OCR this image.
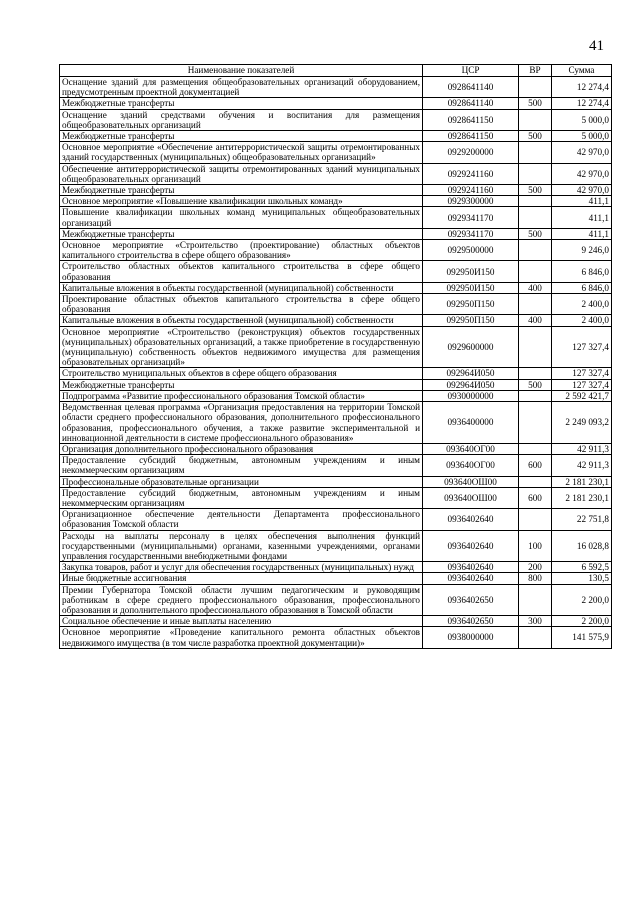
41
Наименование показателей	ЦСР	ВР	Сумма
Оснащение зданий для размещения общеобразовательных организаций оборудованием, предусмотренным проектной документацией	0928641140		12 274,4
Межбюджетные трансферты	0928641140	500	12 274,4
Оснащение зданий средствами обучения и воспитания для размещения общеобразовательных организаций	0928641150		5 000,0
Межбюджетные трансферты	0928641150	500	5 000,0
Основное мероприятие «Обеспечение антитеррористической защиты отремонтированных зданий государственных (муниципальных) общеобразовательных организаций»	0929200000		42 970,0
Обеспечение антитеррористической защиты отремонтированных зданий муниципальных общеобразовательных организаций	0929241160		42 970,0
Межбюджетные трансферты	0929241160	500	42 970,0
Основное мероприятие «Повышение квалификации школьных команд»	0929300000		411,1
Повышение квалификации школьных команд муниципальных общеобразовательных организаций	0929341170		411,1
Межбюджетные трансферты	0929341170	500	411,1
Основное мероприятие «Строительство (проектирование) областных объектов капитального строительства в сфере общего образования»	0929500000		9 246,0
Строительство областных объектов капитального строительства в сфере общего образования	092950И150		6 846,0
Капитальные вложения в объекты государственной (муниципальной) собственности	092950И150	400	6 846,0
Проектирование областных объектов капитального строительства в сфере общего образования	092950П150		2 400,0
Капитальные вложения в объекты государственной (муниципальной) собственности	092950П150	400	2 400,0
Основное мероприятие «Строительство (реконструкция) объектов государственных (муниципальных) образовательных организаций, а также приобретение в государственную (муниципальную) собственность объектов недвижимого имущества для размещения образовательных организаций»	0929600000		127 327,4
Строительство муниципальных объектов в сфере общего образования	092964И050		127 327,4
Межбюджетные трансферты	092964И050	500	127 327,4
Подпрограмма «Развитие профессионального образования Томской области»	0930000000		2 592 421,7
Ведомственная целевая программа «Организация предоставления на территории Томской области среднего профессионального образования, дополнительного профессионального образования, профессионального обучения, а также развитие экспериментальной и инновационной деятельности в системе профессионального образования»	0936400000		2 249 093,2
Организация дополнительного профессионального образования	093640ОГ00		42 911,3
Предоставление субсидий бюджетным, автономным учреждениям и иным некоммерческим организациям	093640ОГ00	600	42 911,3
Профессиональные образовательные организации	093640ОШ00		2 181 230,1
Предоставление субсидий бюджетным, автономным учреждениям и иным некоммерческим организациям	093640ОШ00	600	2 181 230,1
Организационное обеспечение деятельности Департамента профессионального образования Томской области	0936402640		22 751,8
Расходы на выплаты персоналу в целях обеспечения выполнения функций государственными (муниципальными) органами, казенными учреждениями, органами управления государственными внебюджетными фондами	0936402640	100	16 028,8
Закупка товаров, работ и услуг для обеспечения государственных (муниципальных) нужд	0936402640	200	6 592,5
Иные бюджетные ассигнования	0936402640	800	130,5
Премии Губернатора Томской области лучшим педагогическим и руководящим работникам в сфере среднего профессионального образования, профессионального образования и дополнительного профессионального образования в Томской области	0936402650		2 200,0
Социальное обеспечение и иные выплаты населению	0936402650	300	2 200,0
Основное мероприятие «Проведение капитального ремонта областных объектов недвижимого имущества (в том числе разработка проектной документации)»	0938000000		141 575,9
